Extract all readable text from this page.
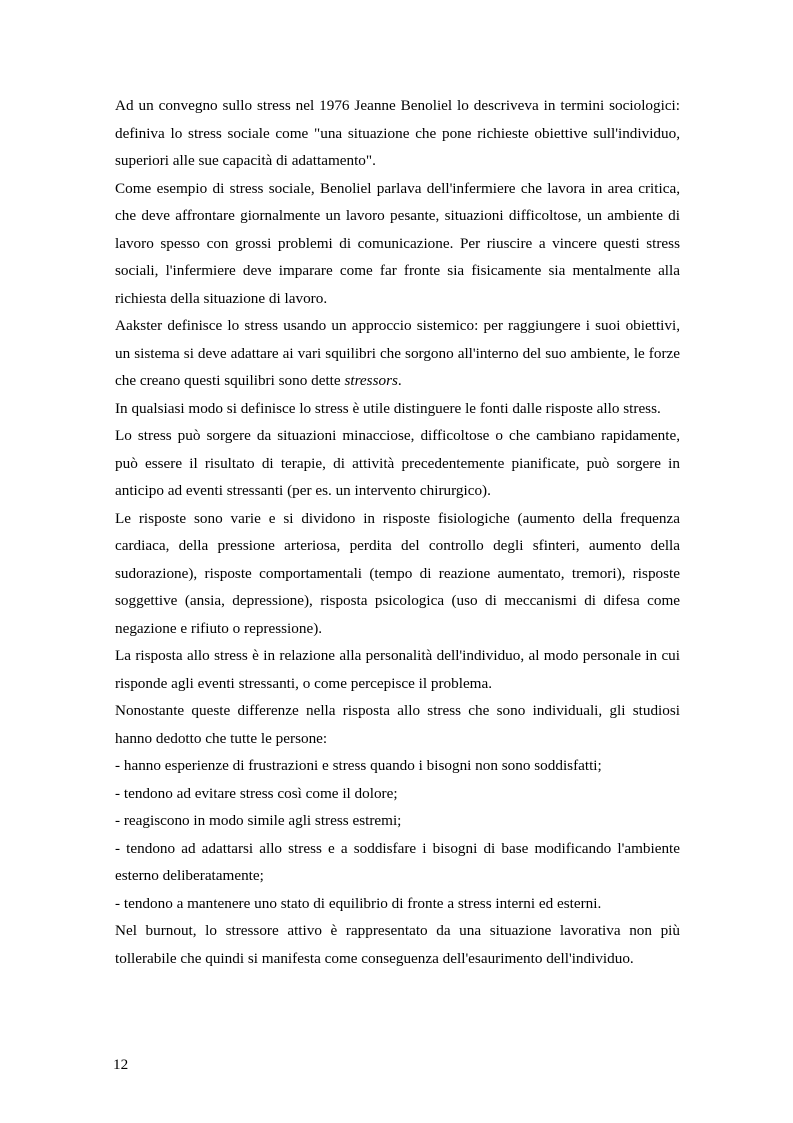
Ad un convegno sullo stress nel 1976 Jeanne Benoliel lo descriveva in termini sociologici: definiva lo stress sociale come "una situazione che pone richieste obiettive sull'individuo, superiori alle sue capacità di adattamento".

Come esempio di stress sociale, Benoliel parlava dell'infermiere che lavora in area critica, che deve affrontare giornalmente un lavoro pesante, situazioni difficoltose, un ambiente di lavoro spesso con grossi problemi di comunicazione. Per riuscire a vincere questi stress sociali, l'infermiere deve imparare come far fronte sia fisicamente sia mentalmente alla richiesta della situazione di lavoro.

Aakster definisce lo stress usando un approccio sistemico: per raggiungere i suoi obiettivi, un sistema si deve adattare ai vari squilibri che sorgono all'interno del suo ambiente, le forze che creano questi squilibri sono dette stressors.

In qualsiasi modo si definisce lo stress è utile distinguere le fonti dalle risposte allo stress.

Lo stress può sorgere da situazioni minacciose, difficoltose o che cambiano rapidamente, può essere il risultato di terapie, di attività precedentemente pianificate, può sorgere in anticipo ad eventi stressanti (per es. un intervento chirurgico).

Le risposte sono varie e si dividono in risposte fisiologiche (aumento della frequenza cardiaca, della pressione arteriosa, perdita del controllo degli sfinteri, aumento della sudorazione), risposte comportamentali (tempo di reazione aumentato, tremori), risposte soggettive (ansia, depressione), risposta psicologica (uso di meccanismi di difesa come negazione e rifiuto o repressione).

La risposta allo stress è in relazione alla personalità dell'individuo, al modo personale in cui risponde agli eventi stressanti, o come percepisce il problema.

Nonostante queste differenze nella risposta allo stress che sono individuali, gli studiosi hanno dedotto che tutte le persone:

- hanno esperienze di frustrazioni e stress quando i bisogni non sono soddisfatti;

- tendono ad evitare stress così come il dolore;

- reagiscono in modo simile agli stress estremi;

- tendono ad adattarsi allo stress e a soddisfare i bisogni di base modificando l'ambiente esterno deliberatamente;

- tendono a mantenere uno stato di equilibrio di fronte a stress interni ed esterni.

Nel burnout, lo stressore attivo è rappresentato da una situazione lavorativa non più tollerabile che quindi si manifesta come conseguenza dell'esaurimento dell'individuo.

12
